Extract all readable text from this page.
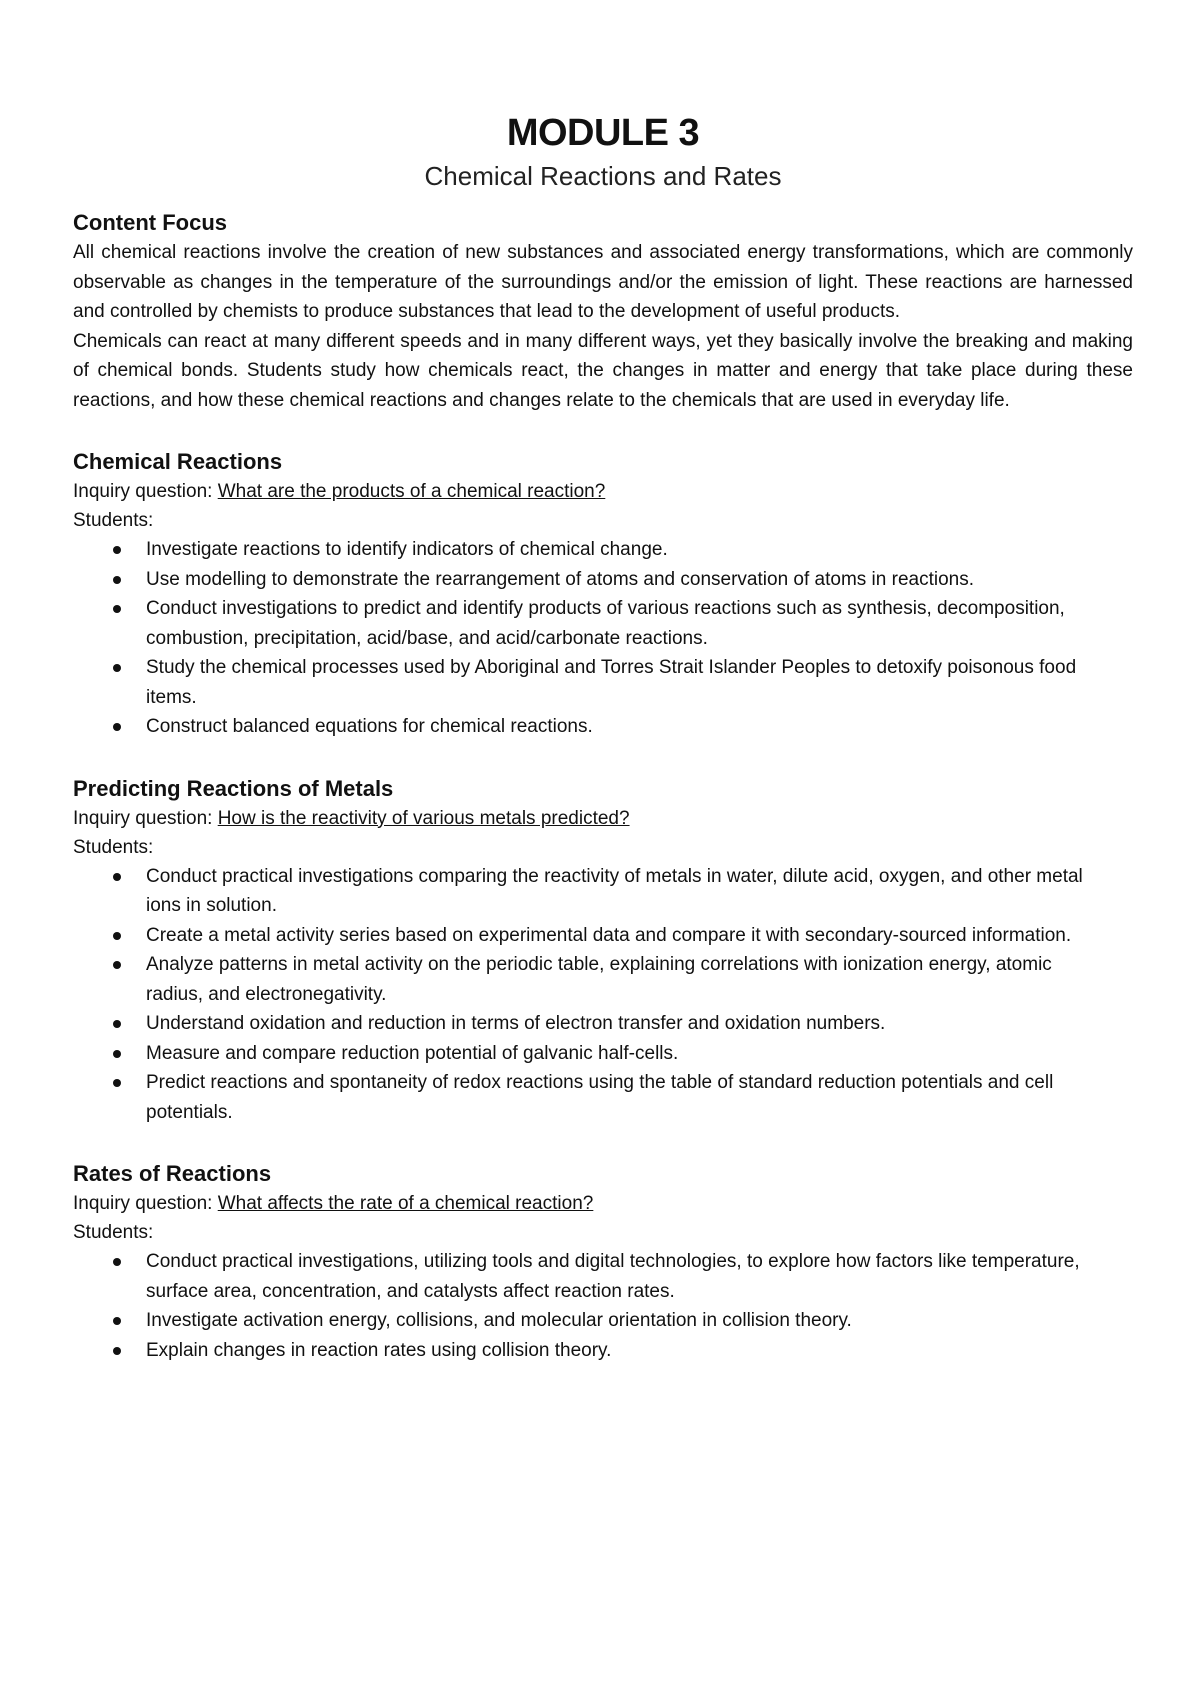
MODULE 3
Chemical Reactions and Rates
Content Focus

All chemical reactions involve the creation of new substances and associated energy transformations, which are commonly observable as changes in the temperature of the surroundings and/or the emission of light. These reactions are harnessed and controlled by chemists to produce substances that lead to the development of useful products.

Chemicals can react at many different speeds and in many different ways, yet they basically involve the breaking and making of chemical bonds. Students study how chemicals react, the changes in matter and energy that take place during these reactions, and how these chemical reactions and changes relate to the chemicals that are used in everyday life.

Chemical Reactions

Inquiry question: What are the products of a chemical reaction?

Students:

Investigate reactions to identify indicators of chemical change.
Use modelling to demonstrate the rearrangement of atoms and conservation of atoms in reactions.
Conduct investigations to predict and identify products of various reactions such as synthesis, decomposition, combustion, precipitation, acid/base, and acid/carbonate reactions.
Study the chemical processes used by Aboriginal and Torres Strait Islander Peoples to detoxify poisonous food items.
Construct balanced equations for chemical reactions.
Predicting Reactions of Metals

Inquiry question: How is the reactivity of various metals predicted?

Students:

Conduct practical investigations comparing the reactivity of metals in water, dilute acid, oxygen, and other metal ions in solution.
Create a metal activity series based on experimental data and compare it with secondary-sourced information.
Analyze patterns in metal activity on the periodic table, explaining correlations with ionization energy, atomic radius, and electronegativity.
Understand oxidation and reduction in terms of electron transfer and oxidation numbers.
Measure and compare reduction potential of galvanic half-cells.
Predict reactions and spontaneity of redox reactions using the table of standard reduction potentials and cell potentials.
Rates of Reactions

Inquiry question: What affects the rate of a chemical reaction?

Students:

Conduct practical investigations, utilizing tools and digital technologies, to explore how factors like temperature, surface area, concentration, and catalysts affect reaction rates.
Investigate activation energy, collisions, and molecular orientation in collision theory.
Explain changes in reaction rates using collision theory.
